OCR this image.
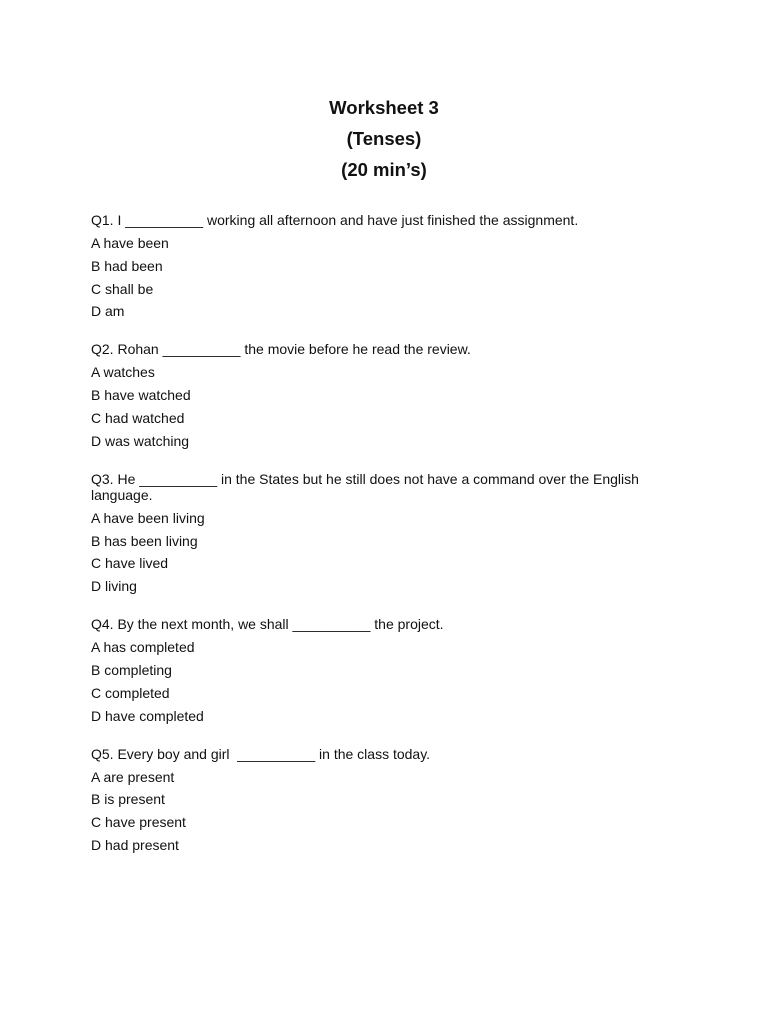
Worksheet 3
(Tenses)
(20 min’s)
Q1. I __________ working all afternoon and have just finished the assignment.
A have been
B had been
C shall be
D am
Q2. Rohan __________ the movie before he read the review.
A watches
B have watched
C had watched
D was watching
Q3. He __________ in the States but he still does not have a command over the English language.
A have been living
B has been living
C have lived
D living
Q4. By the next month, we shall __________ the project.
A has completed
B completing
C completed
D have completed
Q5. Every boy and girl  __________ in the class today.
A are present
B is present
C have present
D had present
